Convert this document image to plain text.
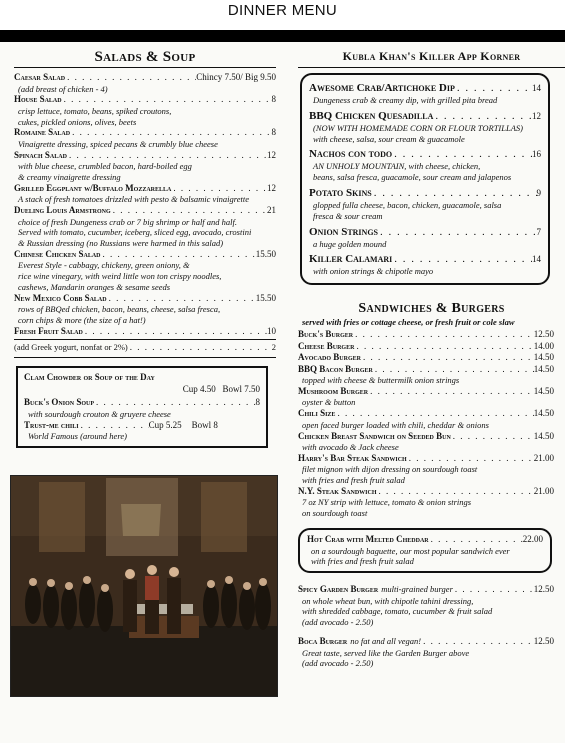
DINNER MENU
Salads & Soup
Caesar Salad . . .	Chincy 7.50/ Big 9.50
(add breast of chicken - 4)
House Salad . . .	8
crisp lettuce, tomato, beans, spiked croutons,
cukes, pickled onions, olives, beets
Romaine Salad . . .	8
Vinaigrette dressing, spiced pecans & crumbly blue cheese
Spinach Salad . . .	12
with blue cheese, crumbled bacon, hard-boiled egg
& creamy vinaigrette dressing
Grilled Eggplant w/Buffalo Mozzarella . . .	12
A stack of fresh tomatoes drizzled with pesto & balsamic vinaigrette
Dueling Louis Armstrong . . .	21
choice of fresh Dungeness crab or 7 big shrimp or half and half.
Served with tomato, cucumber, iceberg, sliced egg, avocado, crostini
& Russian dressing (no Russians were harmed in this salad)
Chinese Chicken Salad . . .	15.50
Everest Style - cabbagy, chickeny, green oniony, &
rice wine vinegary, with weird little won ton crispy noodles,
cashews, Mandarin oranges & sesame seeds
New Mexico Cobb Salad . . .	15.50
rows of BBQed chicken, bacon, beans, cheese, salsa fresca,
corn chips & more (the size of a hat!)
Fresh Fruit Salad . . .	10
(add Greek yogurt, nonfat or 2%) . . .	2
Clam Chowder or Soup of the Day
Cup 4.50 Bowl 7.50
Buck's Onion Soup . . .	8
with sourdough crouton & gruyere cheese
Trust-me chili . . .	Cup 5.25 Bowl 8
World Famous (around here)
Kubla Khan's Killer App Korner
Awesome Crab/Artichoke Dip . . .	14
Dungeness crab & creamy dip, with grilled pita bread
BBQ Chicken Quesadilla . . .	12
(NOW WITH HOMEMADE CORN OR FLOUR TORTILLAS)
with cheese, salsa, sour cream & guacamole
Nachos con todo . . .	16
AN UNHOLY MOUNTAIN, with cheese, chicken,
beans, salsa fresca, guacamole, sour cream and jalapenos
Potato Skins . . .	9
glopped fulla cheese, bacon, chicken, guacamole, salsa
fresca & sour cream
Onion Strings . . .	7
a huge golden mound
Killer Calamari . . .	14
with onion strings & chipotle mayo
Sandwiches & Burgers
served with fries or cottage cheese, or fresh fruit or cole slaw
Buck's Burger . . .	12.50
Cheese Burger . . .	14.00
Avocado Burger . . .	14.50
BBQ Bacon Burger . . .	14.50
topped with cheese & buttermilk onion strings
Mushroom Burger . . .	14.50
oyster & button
Chili Size . . .	14.50
open faced burger loaded with chili, cheddar & onions
Chicken Breast Sandwich on Seeded Bun . . .	14.50
with avocado & Jack cheese
Harry's Bar Steak Sandwich . . .	21.00
filet mignon with dijon dressing on sourdough toast
with fries and fresh fruit salad
N.Y. Steak Sandwich . . .	21.00
7 oz NY strip with lettuce, tomato & onion strings
on sourdough toast
Hot Crab with Melted Cheddar . . .	22.00
on a sourdough baguette, our most popular sandwich ever
with fries and fresh fruit salad
Spicy Garden Burger multi-grained burger . . .	12.50
on whole wheat bun, with chipotle tahini dressing,
with shredded cabbage, tomato, cucumber & fruit salad
(add avocado - 2.50)
Boca Burger no fat and all vegan! . . .	12.50
Great taste, served like the Garden Burger above
(add avocado - 2.50)
